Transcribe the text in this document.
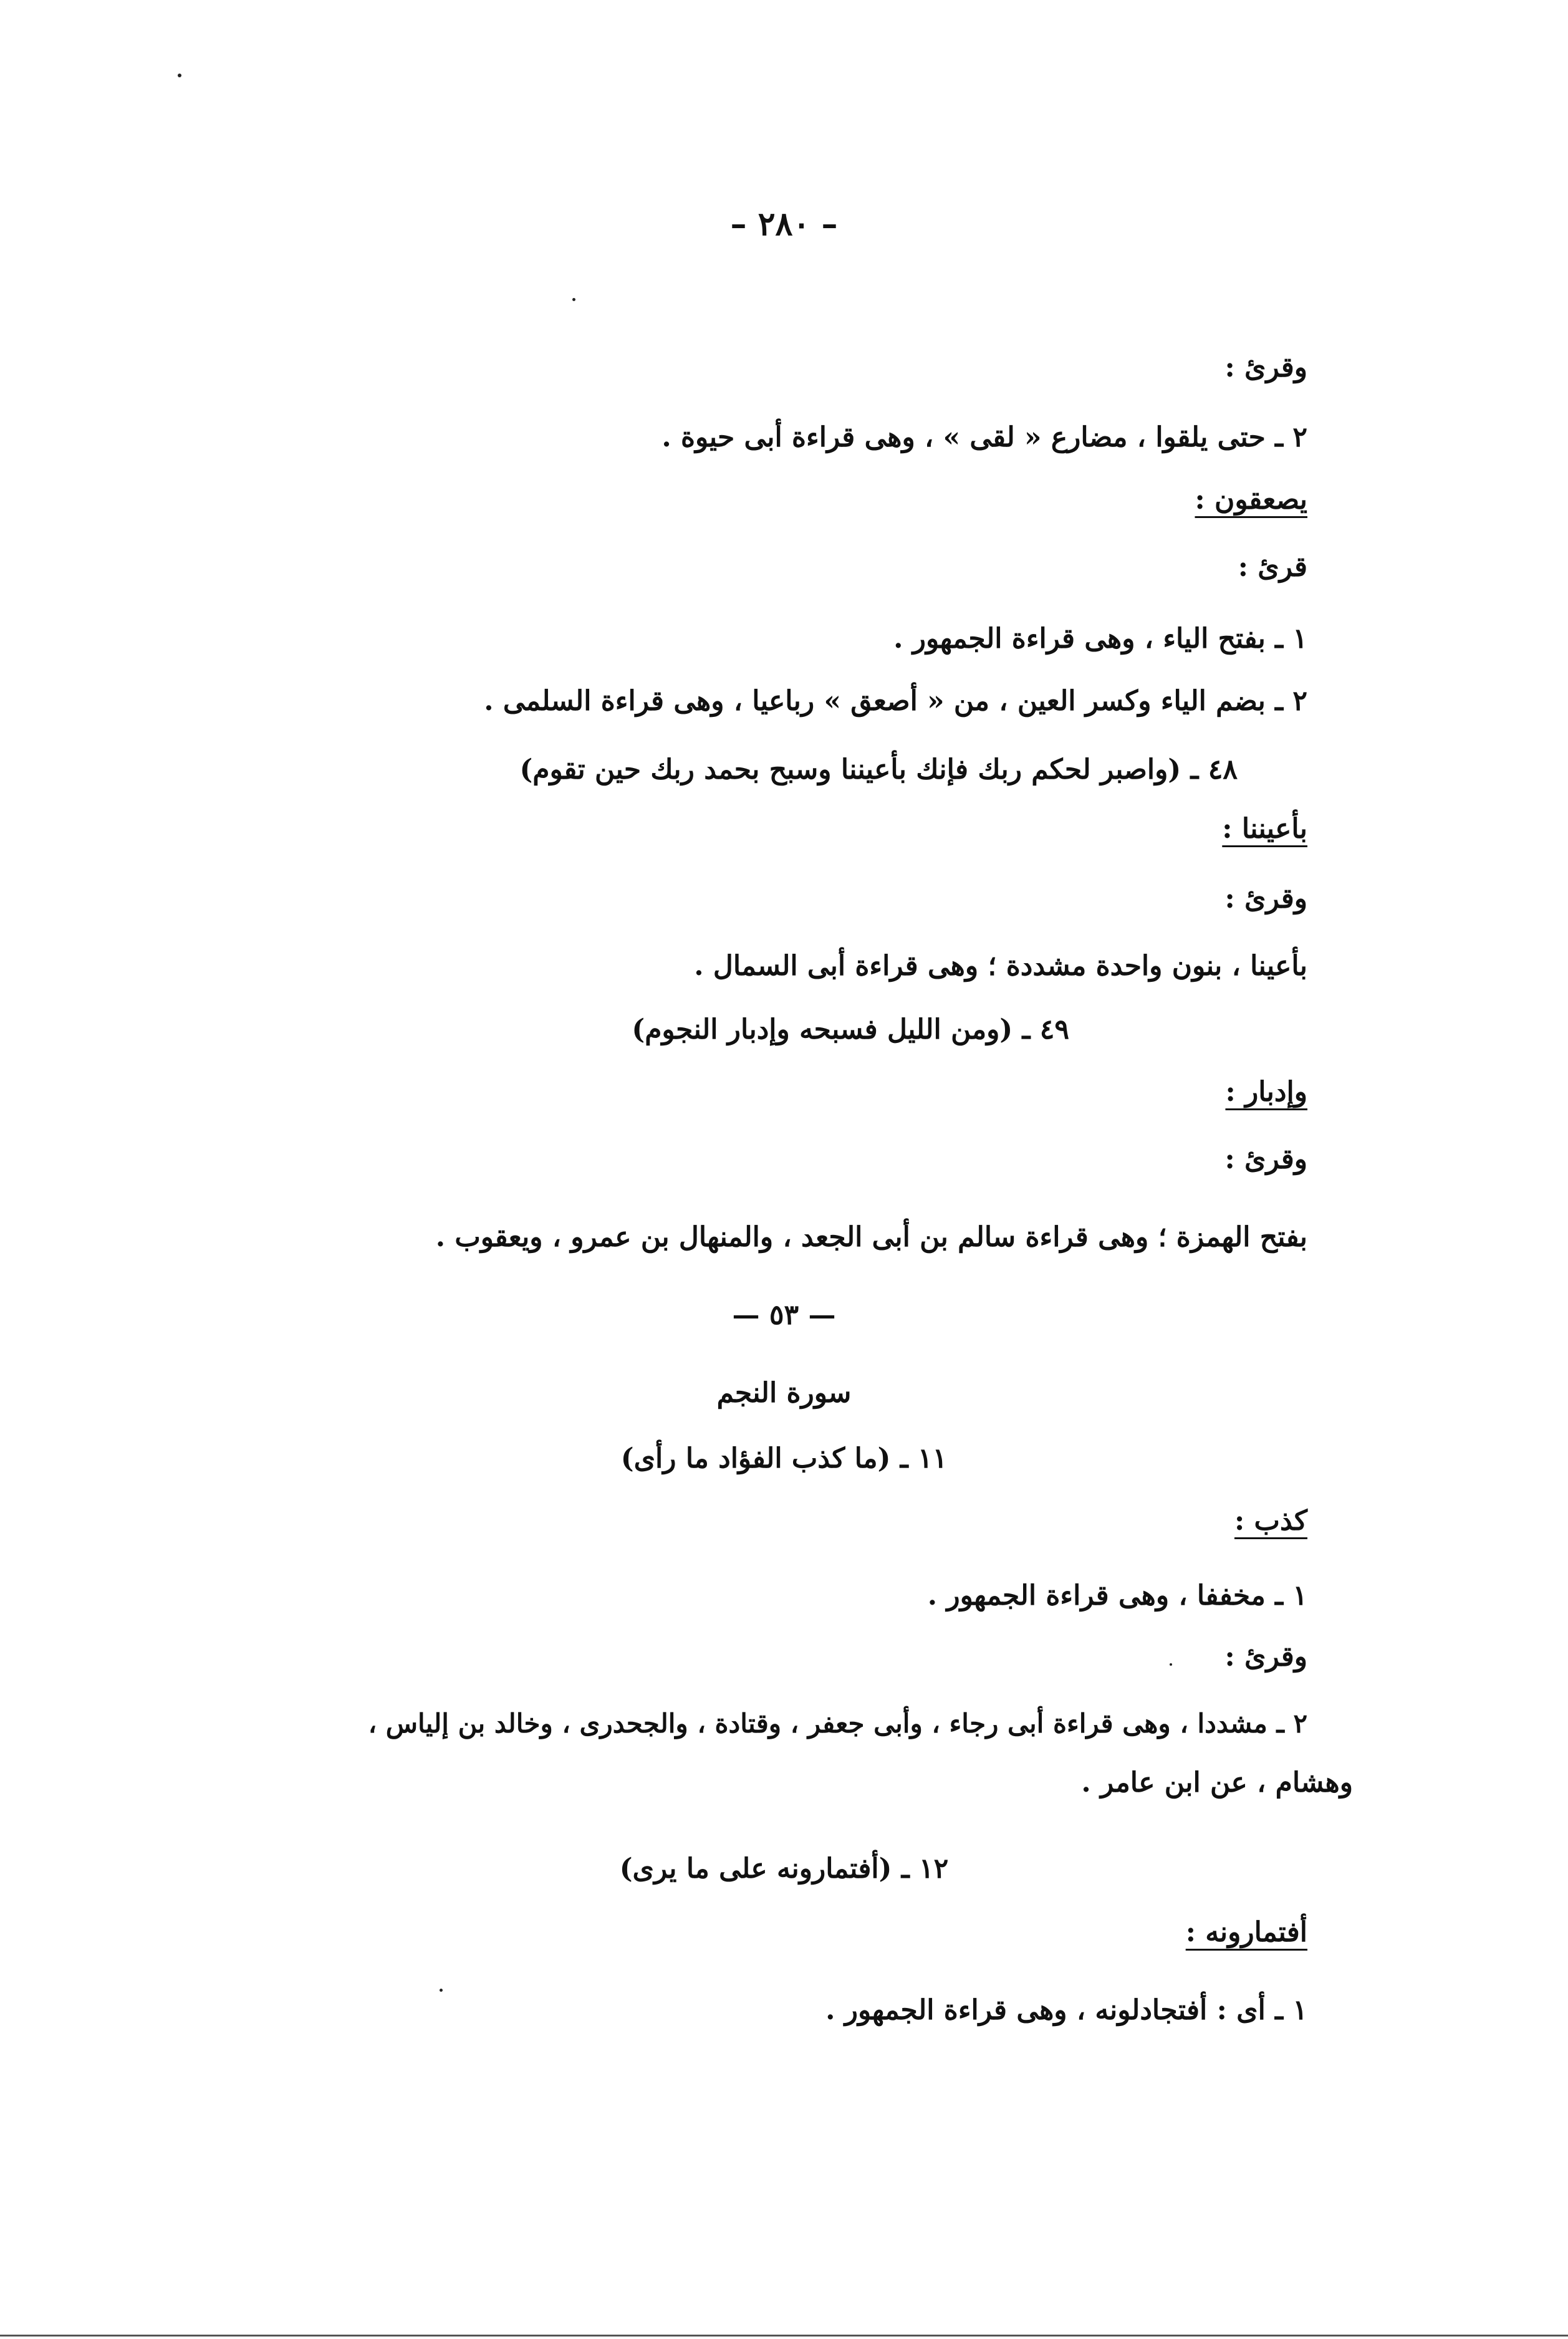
– ٢٨٠ –
وقرئ :
٢ ـ حتى يلقوا ، مضارع « لقى » ، وهى قراءة أبى حيوة .
يصعقون :
قرئ :
١ ـ بفتح الياء ، وهى قراءة الجمهور .
٢ ـ بضم الياء وكسر العين ، من « أصعق » رباعيا ، وهى قراءة السلمى .
٤٨ ـ (واصبر لحكم ربك فإنك بأعيننا وسبح بحمد ربك حين تقوم)
بأعيننا :
وقرئ :
بأعينا ، بنون واحدة مشددة ؛ وهى قراءة أبى السمال .
٤٩ ـ (ومن الليل فسبحه وإدبار النجوم)
وإدبار :
وقرئ :
بفتح الهمزة ؛ وهى قراءة سالم بن أبى الجعد ، والمنهال بن عمرو ، ويعقوب .
— ٥٣ —
سورة النجم
١١ ـ (ما كذب الفؤاد ما رأى)
كذب :
١ ـ مخففا ، وهى قراءة الجمهور .
وقرئ :
٢ ـ مشددا ، وهى قراءة أبى رجاء ، وأبى جعفر ، وقتادة ، والجحدرى ، وخالد بن إلياس ،
وهشام ، عن ابن عامر .
١٢ ـ (أفتمارونه على ما يرى)
أفتمارونه :
١ ـ أى : أفتجادلونه ، وهى قراءة الجمهور .
